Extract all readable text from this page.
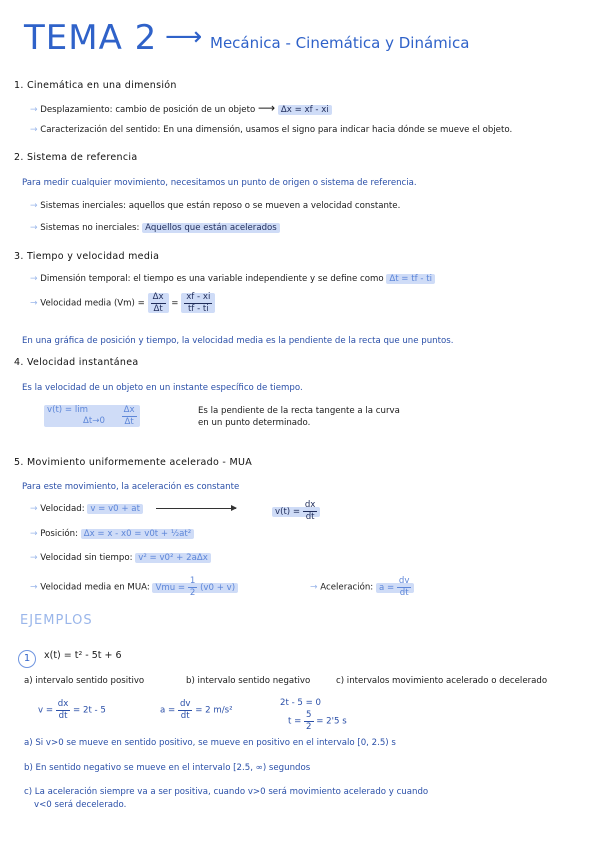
TEMA 2 ⟶ Mecánica - Cinemática y Dinámica
1. Cinemática en una dimensión
→ Desplazamiento: cambio de posición de un objeto ⟶ Δx = xf - xi
→ Caracterización del sentido: En una dimensión, usamos el signo para indicar hacia dónde se mueve el objeto.
2. Sistema de referencia
Para medir cualquier movimiento, necesitamos un punto de origen o sistema de referencia.
→ Sistemas inerciales: aquellos que están reposo o se mueven a velocidad constante.
→ Sistemas no inerciales: Aquellos que están acelerados
3. Tiempo y velocidad media
→ Dimensión temporal: el tiempo es una variable independiente y se define como Δt = tf - ti
→ Velocidad media $(Vm) = \frac{\Delta x}{\Delta t} = \frac{xf - xi}{tf - ti}$
En una gráfica de posición y tiempo, la velocidad media es la pendiente de la recta que une puntos.
4. Velocidad instantánea
Es la velocidad de un objeto en un instante específico de tiempo.
v(t) = lim
Δt→0
$\frac{\Delta x}{\Delta t}$	Es la pendiente de la recta tangente a la curva
en un punto determinado.
5. Movimiento uniformemente acelerado - MUA
Para este movimiento, la aceleración es constante
→ Velocidad: v = v0 + at	$v(t) = \frac{dx}{dt}$
→ Posición: Δx = x - x0 = v0t + ½at²
→ Velocidad sin tiempo: v² = v0² + 2aΔx
→ Velocidad media en MUA: Vmu = $\frac{1}{2} (v0 + v)$	→ Aceleración: $a = \frac{dv}{dt}$
EJEMPLOS
1	x(t) = t² - 5t + 6
a) intervalo sentido positivo	b) intervalo sentido negativo	c) intervalos movimiento acelerado o decelerado
$v = \frac{dx}{dt} = 2t - 5$	$a = \frac{dv}{dt} = 2$ m/s²
2t - 5 = 0
$t = \frac{5}{2} = 2'5$ s
a) Si v>0 se mueve en sentido positivo, se mueve en positivo en el intervalo [0, 2.5) s
b) En sentido negativo se mueve en el intervalo [2.5, ∞) segundos
c) La aceleración siempre va a ser positiva, cuando v>0 será movimiento acelerado y cuando
v<0 será decelerado.
